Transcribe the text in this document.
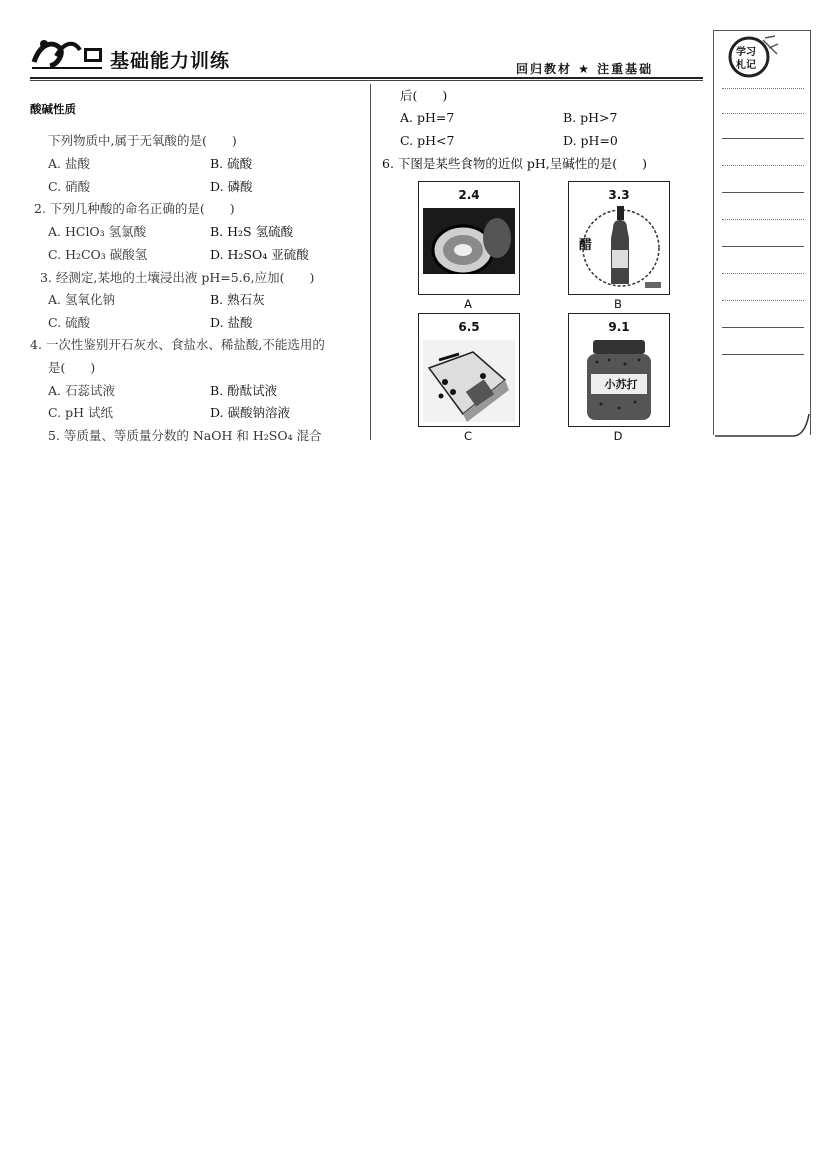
基础能力训练	回归教材 ★ 注重基础
酸碱性质
下列物质中,属于无氧酸的是(　　)
A. 盐酸	B. 硫酸
C. 硝酸	D. 磷酸
2. 下列几种酸的命名正确的是(　　)
A. HClO₃ 氢氯酸	B. H₂S 氢硫酸
C. H₂CO₃ 碳酸氢	D. H₂SO₄ 亚硫酸
3. 经测定,某地的土壤浸出液 pH=5.6,应加(　　)
A. 氢氧化钠	B. 熟石灰
C. 硫酸	D. 盐酸
4. 一次性鉴别开石灰水、食盐水、稀盐酸,不能选用的
是(　　)
A. 石蕊试液	B. 酚酞试液
C. pH 试纸	D. 碳酸钠溶液
5. 等质量、等质量分数的 NaOH 和 H₂SO₄ 混合
后(　　)
A. pH=7	B. pH>7
C. pH<7	D. pH=0
6. 下图是某些食物的近似 pH,呈碱性的是(　　)
2.4
A
3.3
醋
B
6.5
C
9.1
小苏打
D
学习
札记
